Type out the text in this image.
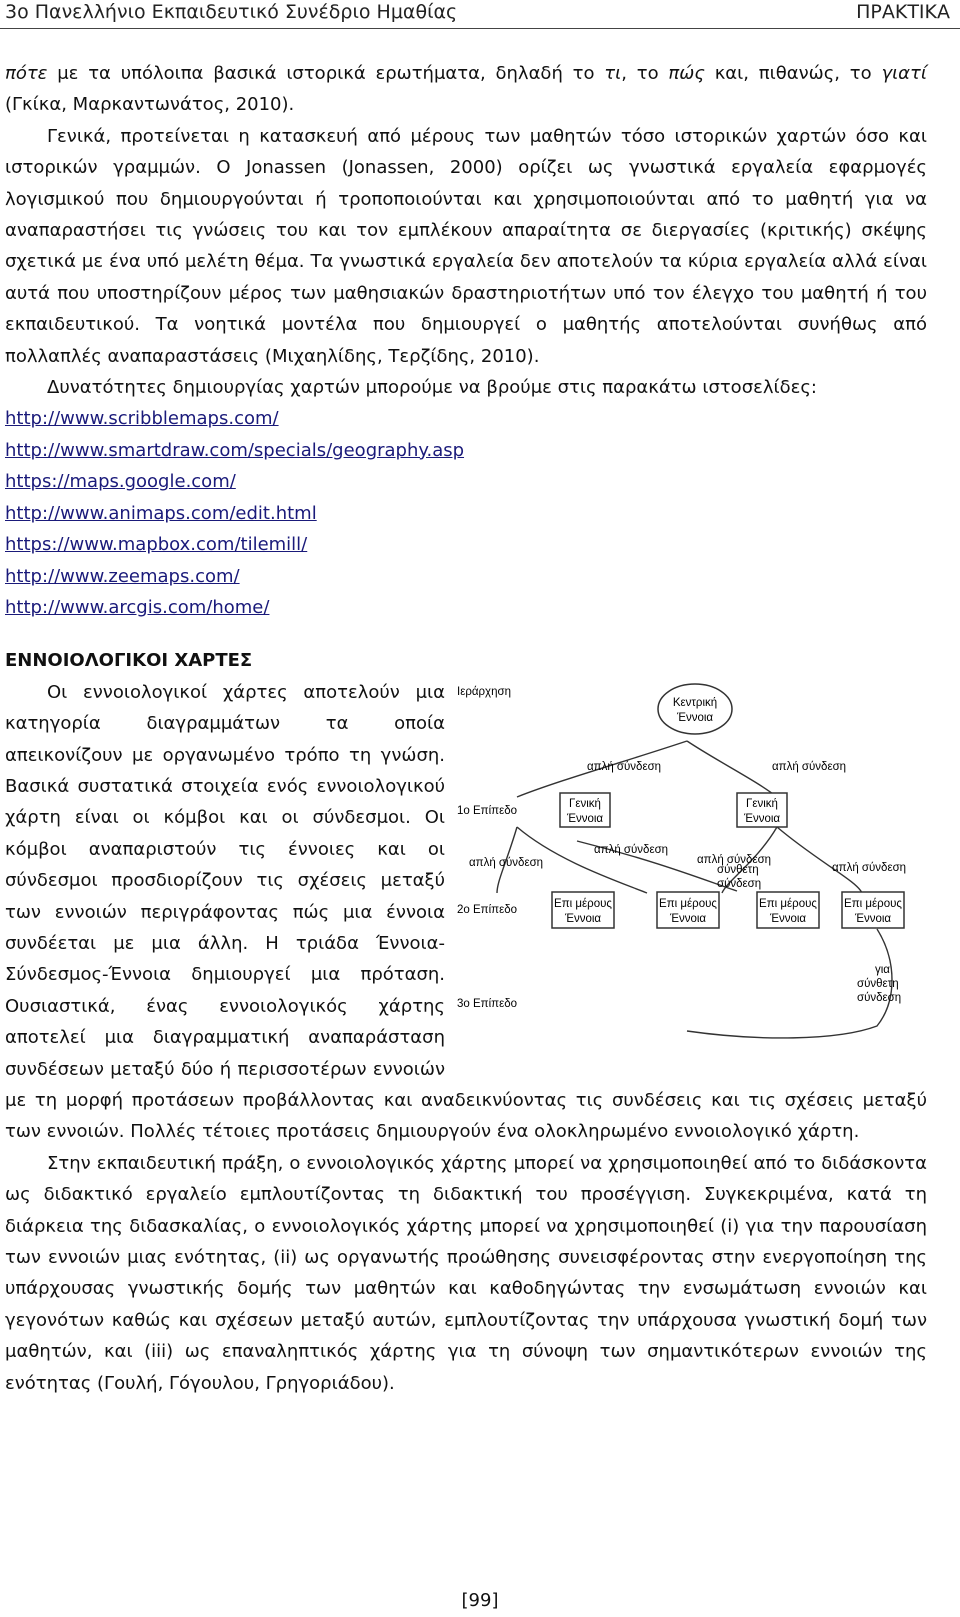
3ο Πανελλήνιο Εκπαιδευτικό Συνέδριο Ημαθίας	ΠΡΑΚΤΙΚΑ

πότε με τα υπόλοιπα βασικά ιστορικά ερωτήματα, δηλαδή το τι, το πώς και, πιθανώς, το γιατί (Γκίκα, Μαρκαντωνάτος, 2010).

Γενικά, προτείνεται η κατασκευή από μέρους των μαθητών τόσο ιστορικών χαρτών όσο και ιστορικών γραμμών. Ο Jonassen (Jonassen, 2000) ορίζει ως γνωστικά εργαλεία εφαρμογές λογισμικού που δημιουργούνται ή τροποποιούνται και χρησιμοποιούνται από το μαθητή για να αναπαραστήσει τις γνώσεις του και τον εμπλέκουν απαραίτητα σε διεργασίες (κριτικής) σκέψης σχετικά με ένα υπό μελέτη θέμα. Τα γνωστικά εργαλεία δεν αποτελούν τα κύρια εργαλεία αλλά είναι αυτά που υποστηρίζουν μέρος των μαθησιακών δραστηριοτήτων υπό τον έλεγχο του μαθητή ή του εκπαιδευτικού. Τα νοητικά μοντέλα που δημιουργεί ο μαθητής αποτελούνται συνήθως από πολλαπλές αναπαραστάσεις (Μιχαηλίδης, Τερζίδης, 2010).

Δυνατότητες δημιουργίας χαρτών μπορούμε να βρούμε στις παρακάτω ιστοσελίδες:

http://www.scribblemaps.com/
http://www.smartdraw.com/specials/geography.asp
https://maps.google.com/
http://www.animaps.com/edit.html
https://www.mapbox.com/tilemill/
http://www.zeemaps.com/
http://www.arcgis.com/home/
ΕΝΝΟΙΟΛΟΓΙΚΟΙ ΧΑΡΤΕΣ
Ιεράρχηση
1ο Επίπεδο
2ο Επίπεδο
3ο Επίπεδο
Κεντρική
Έννοια
Γενική
Έννοια
Γενική
Έννοια
Επι μέρους
Έννοια
Επι μέρους
Έννοια
Επι μέρους
Έννοια
Επι μέρους
Έννοια
απλή σύνδεση	απλή σύνδεση
απλή σύνδεση
απλή σύνδεση
απλή σύνδεση
απλή σύνδεση
σύνθετη
σύνδεση
για
σύνθετη
σύνδεση

Οι εννοιολογικοί χάρτες αποτελούν μια κατηγορία διαγραμμάτων τα οποία απεικονίζουν με οργανωμένο τρόπο τη γνώση. Βασικά συστατικά στοιχεία ενός εννοιολογικού χάρτη είναι οι κόμβοι και οι σύνδεσμοι. Οι κόμβοι αναπαριστούν τις έννοιες και οι σύνδεσμοι προσδιορίζουν τις σχέσεις μεταξύ των εννοιών περιγράφοντας πώς μια έννοια συνδέεται με μια άλλη. Η τριάδα Έννοια-Σύνδεσμος-Έννοια δημιουργεί μια πρόταση. Ουσιαστικά, ένας εννοιολογικός χάρτης αποτελεί μια διαγραμματική αναπαράσταση συνδέσεων μεταξύ δύο ή περισσοτέρων εννοιών με τη μορφή προτάσεων προβάλλοντας και αναδεικνύοντας τις συνδέσεις και τις σχέσεις μεταξύ των εννοιών. Πολλές τέτοιες προτάσεις δημιουργούν ένα ολοκληρωμένο εννοιολογικό χάρτη.

Στην εκπαιδευτική πράξη, ο εννοιολογικός χάρτης μπορεί να χρησιμοποιηθεί από το διδάσκοντα ως διδακτικό εργαλείο εμπλουτίζοντας τη διδακτική του προσέγγιση. Συγκεκριμένα, κατά τη διάρκεια της διδασκαλίας, ο εννοιολογικός χάρτης μπορεί να χρησιμοποιηθεί (i) για την παρουσίαση των εννοιών μιας ενότητας, (ii) ως οργανωτής προώθησης συνεισφέροντας στην ενεργοποίηση της υπάρχουσας γνωστικής δομής των μαθητών και καθοδηγώντας την ενσωμάτωση εννοιών και γεγονότων καθώς και σχέσεων μεταξύ αυτών, εμπλουτίζοντας την υπάρχουσα γνωστική δομή των μαθητών, και (iii) ως επαναληπτικός χάρτης για τη σύνοψη των σημαντικότερων εννοιών της ενότητας (Γουλή, Γόγουλου, Γρηγοριάδου).

[99]
